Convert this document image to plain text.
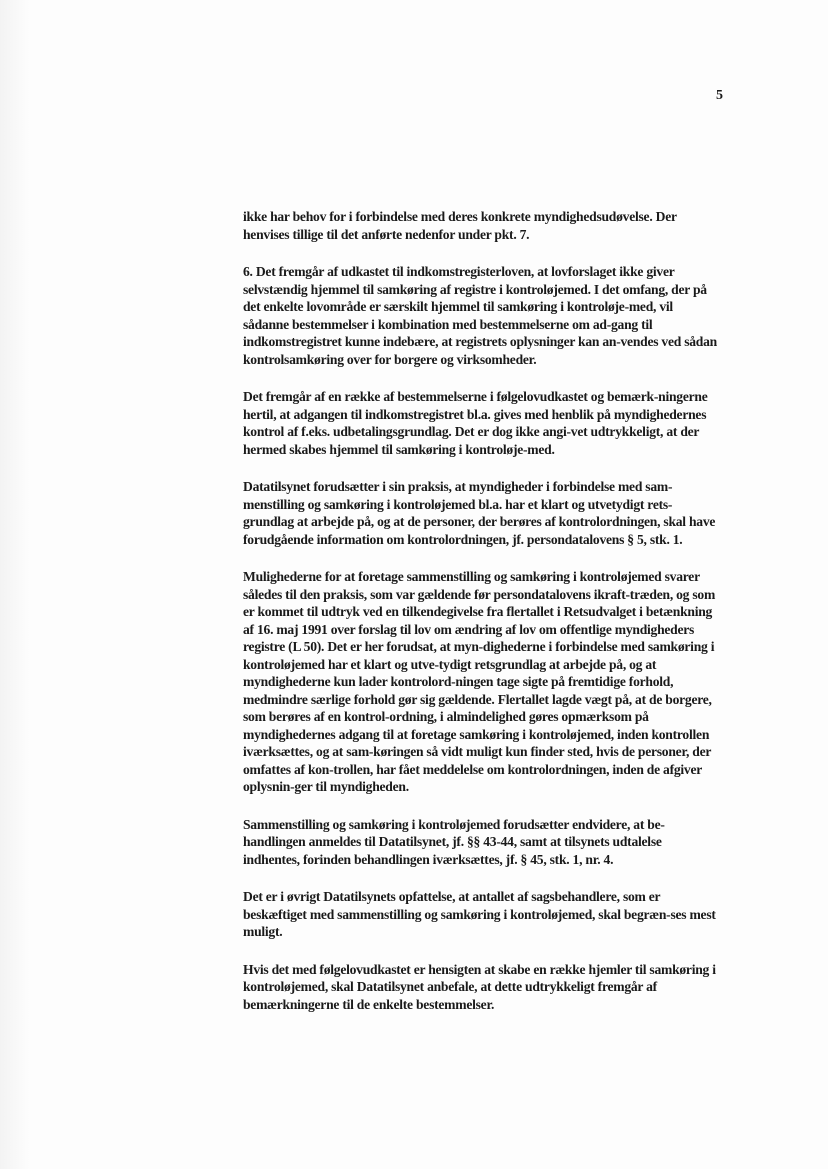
5

ikke har behov for i forbindelse med deres konkrete myndighedsudøvelse. Der henvises tillige til det anførte nedenfor under pkt. 7.

6. Det fremgår af udkastet til indkomstregisterloven, at lovforslaget ikke giver selvstændig hjemmel til samkøring af registre i kontroløjemed. I det omfang, der på det enkelte lovområde er særskilt hjemmel til samkøring i kontroløje-med, vil sådanne bestemmelser i kombination med bestemmelserne om ad-gang til indkomstregistret kunne indebære, at registrets oplysninger kan an-vendes ved sådan kontrolsamkøring over for borgere og virksomheder.

Det fremgår af en række af bestemmelserne i følgelovudkastet og bemærk-ningerne hertil, at adgangen til indkomstregistret bl.a. gives med henblik på myndighedernes kontrol af f.eks. udbetalingsgrundlag. Det er dog ikke angi-vet udtrykkeligt, at der hermed skabes hjemmel til samkøring i kontroløje-med.

Datatilsynet forudsætter i sin praksis, at myndigheder i forbindelse med sam-menstilling og samkøring i kontroløjemed bl.a. har et klart og utvetydigt rets-grundlag at arbejde på, og at de personer, der berøres af kontrolordningen, skal have forudgående information om kontrolordningen, jf. persondatalovens § 5, stk. 1.

Mulighederne for at foretage sammenstilling og samkøring i kontroløjemed svarer således til den praksis, som var gældende før persondatalovens ikraft-træden, og som er kommet til udtryk ved en tilkendegivelse fra flertallet i Retsudvalget i betænkning af 16. maj 1991 over forslag til lov om ændring af lov om offentlige myndigheders registre (L 50). Det er her forudsat, at myn-dighederne i forbindelse med samkøring i kontroløjemed har et klart og utve-tydigt retsgrundlag at arbejde på, og at myndighederne kun lader kontrolord-ningen tage sigte på fremtidige forhold, medmindre særlige forhold gør sig gældende. Flertallet lagde vægt på, at de borgere, som berøres af en kontrol-ordning, i almindelighed gøres opmærksom på myndighedernes adgang til at foretage samkøring i kontroløjemed, inden kontrollen iværksættes, og at sam-køringen så vidt muligt kun finder sted, hvis de personer, der omfattes af kon-trollen, har fået meddelelse om kontrolordningen, inden de afgiver oplysnin-ger til myndigheden.

Sammenstilling og samkøring i kontroløjemed forudsætter endvidere, at be-handlingen anmeldes til Datatilsynet, jf. §§ 43-44, samt at tilsynets udtalelse indhentes, forinden behandlingen iværksættes, jf. § 45, stk. 1, nr. 4.

Det er i øvrigt Datatilsynets opfattelse, at antallet af sagsbehandlere, som er beskæftiget med sammenstilling og samkøring i kontroløjemed, skal begræn-ses mest muligt.

Hvis det med følgelovudkastet er hensigten at skabe en række hjemler til samkøring i kontroløjemed, skal Datatilsynet anbefale, at dette udtrykkeligt fremgår af bemærkningerne til de enkelte bestemmelser.
